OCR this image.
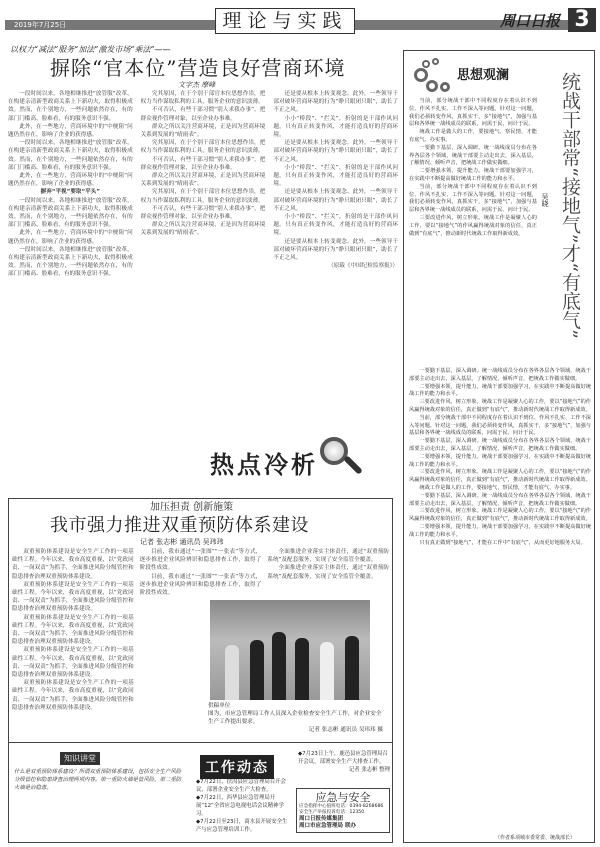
2019年7月25日	理论与实践	周口日报 3
以权力“减法”服务“加法”激发市场“乘法”——
摒除“官本位”营造良好营商环境
文字杰 摩峰

一段时间以来，各地相继推进“放管服”改革，在构建亲清新型政商关系上下新功夫，取得积极成效。然而，在个别地方，一些问题依然存在，有的部门门槛高、脸难看，有的服务意识不强。

此外，在一些地方，营商环境中的“中梗阻”问题仍然存在，影响了企业的获得感。

一段时间以来，各地相继推进“放管服”改革，在构建亲清新型政商关系上下新功夫，取得积极成效。然而，在个别地方，一些问题依然存在，有的部门门槛高、脸难看，有的服务意识不强。

此外，在一些地方，营商环境中的“中梗阻”问题仍然存在，影响了企业的获得感。

摒弃“平视”要取“平头”

一段时间以来，各地相继推进“放管服”改革，在构建亲清新型政商关系上下新功夫，取得积极成效。然而，在个别地方，一些问题依然存在，有的部门门槛高、脸难看，有的服务意识不强。

此外，在一些地方，营商环境中的“中梗阻”问题仍然存在，影响了企业的获得感。

一段时间以来，各地相继推进“放管服”改革，在构建亲清新型政商关系上下新功夫，取得积极成效。然而，在个别地方，一些问题依然存在，有的部门门槛高、脸难看，有的服务意识不强。

究其原因，在于个别干部官本位思想作祟，把权力当作谋取私利的工具，服务企业的意识淡薄。

不可否认，有些干部习惯“别人求我办事”，把群众视作管理对象，以至企业办事难。

群众之所以关注营商环境，正是因为营商环境关系到发展的“晴雨表”。

究其原因，在于个别干部官本位思想作祟，把权力当作谋取私利的工具，服务企业的意识淡薄。

不可否认，有些干部习惯“别人求我办事”，把群众视作管理对象，以至企业办事难。

群众之所以关注营商环境，正是因为营商环境关系到发展的“晴雨表”。

究其原因，在于个别干部官本位思想作祟，把权力当作谋取私利的工具，服务企业的意识淡薄。

不可否认，有些干部习惯“别人求我办事”，把群众视作管理对象，以至企业办事难。

群众之所以关注营商环境，正是因为营商环境关系到发展的“晴雨表”。

还是要从根本上转变观念。此外，一些领导干部对破坏营商环境的行为“睁只眼闭只眼”，助长了不正之风。

小小“桥段”、“拦关”，折射的是干部作风问题。只有真正转变作风，才能打造良好的营商环境。

还是要从根本上转变观念。此外，一些领导干部对破坏营商环境的行为“睁只眼闭只眼”，助长了不正之风。

小小“桥段”、“拦关”，折射的是干部作风问题。只有真正转变作风，才能打造良好的营商环境。

还是要从根本上转变观念。此外，一些领导干部对破坏营商环境的行为“睁只眼闭只眼”，助长了不正之风。

小小“桥段”、“拦关”，折射的是干部作风问题。只有真正转变作风，才能打造良好的营商环境。

还是要从根本上转变观念。此外，一些领导干部对破坏营商环境的行为“睁只眼闭只眼”，助长了不正之风。

（原载《中国纪检监察报》）

热点冷析
加压担责 创新施策
我市强力推进双重预防体系建设
记者 张志彬 通讯员 吴玮玮

双重预防体系建设是安全生产工作的一项基础性工程。今年以来，我市高度重视，以“党政同责、一岗双责”为抓手，全面推进风险分级管控和隐患排查治理双重预防体系建设。

双重预防体系建设是安全生产工作的一项基础性工程。今年以来，我市高度重视，以“党政同责、一岗双责”为抓手，全面推进风险分级管控和隐患排查治理双重预防体系建设。

双重预防体系建设是安全生产工作的一项基础性工程。今年以来，我市高度重视，以“党政同责、一岗双责”为抓手，全面推进风险分级管控和隐患排查治理双重预防体系建设。

双重预防体系建设是安全生产工作的一项基础性工程。今年以来，我市高度重视，以“党政同责、一岗双责”为抓手，全面推进风险分级管控和隐患排查治理双重预防体系建设。

双重预防体系建设是安全生产工作的一项基础性工程。今年以来，我市高度重视，以“党政同责、一岗双责”为抓手，全面推进风险分级管控和隐患排查治理双重预防体系建设。

目前，我市通过“一张图”“一张表”等方式，逐步推进企业风险辨识和隐患排查工作，取得了阶段性成效。

目前，我市通过“一张图”“一张表”等方式，逐步推进企业风险辨识和隐患排查工作，取得了阶段性成效。

全面推进企业落实主体责任，通过“双重预防系统”及配套服务，实现了安全监管全覆盖。

全面推进企业落实主体责任，通过“双重预防系统”及配套服务，实现了安全监管全覆盖。

供稿单位
图为，市应急管理局工作人员深入企业检查安全生产工作，对企业安全生产工作提出要求。
记者 张志彬 通讯员 吴玮玮 摄
知识讲堂
什么是双重预防体系建设？所谓双重预防体系建设，包括安全生产风险分级管控和隐患排查治理两项内容。第一重防火墙是管风险，第二重防火墙是治隐患。
工作动态

◆7月22日，扶沟县应急管理局召开会议，部署企业安全生产大检查。

◆7月22日，西华县应急管理局开展“12”全省应急电视电话会议精神学习。

◆7月22日至23日，商水县开展安全生产与应急管理培训工作。

◆7月23日上午，鹿邑县应急管理局召开会议，部署安全生产大排查工作。

记者 张志彬 整理

应急与安全
应急指挥中心值班电话：0394-8268686
安全生产举报投诉电话：12350
周口日报传媒集团
周口市应急管理局 联办
思想观澜	统战干部常“接地气”才“有底气”
吴晓

当前，部分统战干部中不同程度存在着认识不到位、作风不扎实、工作不深入等问题。针对这一问题，我们必须转变作风，真抓实干，多“接地气”，加强与基层和各界统一战线成员的联系，问需于民、问计于民。

统战工作是做人的工作，要接地气、察民情，才能有底气、办实事。

一要勤下基层，深入调研。统一战线成员分布在各界各层各个领域，统战干部要主动走出去，深入基层，了解情况、倾听声音，把统战工作做实做细。

二要增强本领，提升能力。统战干部要加强学习，在实践中不断提高做好统战工作的能力和水平。

当前，部分统战干部中不同程度存在着认识不到位、作风不扎实、工作不深入等问题。针对这一问题，我们必须转变作风，真抓实干，多“接地气”，加强与基层和各界统一战线成员的联系，问需于民、问计于民。

三要改进作风，树立形象。统战工作是凝聚人心的工作，要以“接地气”的作风赢得统战对象的信任，真正做到“有底气”，推动新时代统战工作取得新成效。

一要勤下基层，深入调研。统一战线成员分布在各界各层各个领域，统战干部要主动走出去，深入基层，了解情况、倾听声音，把统战工作做实做细。

二要增强本领，提升能力。统战干部要加强学习，在实践中不断提高做好统战工作的能力和水平。

三要改进作风，树立形象。统战工作是凝聚人心的工作，要以“接地气”的作风赢得统战对象的信任，真正做到“有底气”，推动新时代统战工作取得新成效。

当前，部分统战干部中不同程度存在着认识不到位、作风不扎实、工作不深入等问题。针对这一问题，我们必须转变作风，真抓实干，多“接地气”，加强与基层和各界统一战线成员的联系，问需于民、问计于民。

一要勤下基层，深入调研。统一战线成员分布在各界各层各个领域，统战干部要主动走出去，深入基层，了解情况、倾听声音，把统战工作做实做细。

二要增强本领，提升能力。统战干部要加强学习，在实践中不断提高做好统战工作的能力和水平。

三要改进作风，树立形象。统战工作是凝聚人心的工作，要以“接地气”的作风赢得统战对象的信任，真正做到“有底气”，推动新时代统战工作取得新成效。

统战工作是做人的工作，要接地气、察民情，才能有底气、办实事。

一要勤下基层，深入调研。统一战线成员分布在各界各层各个领域，统战干部要主动走出去，深入基层，了解情况、倾听声音，把统战工作做实做细。

三要改进作风，树立形象。统战工作是凝聚人心的工作，要以“接地气”的作风赢得统战对象的信任，真正做到“有底气”，推动新时代统战工作取得新成效。

二要增强本领，提升能力。统战干部要加强学习，在实践中不断提高做好统战工作的能力和水平。

只有真正做到“接地气”，才能在工作中“有底气”，从而更好地服务大局。

（作者系项城市委常委、统战部长）
